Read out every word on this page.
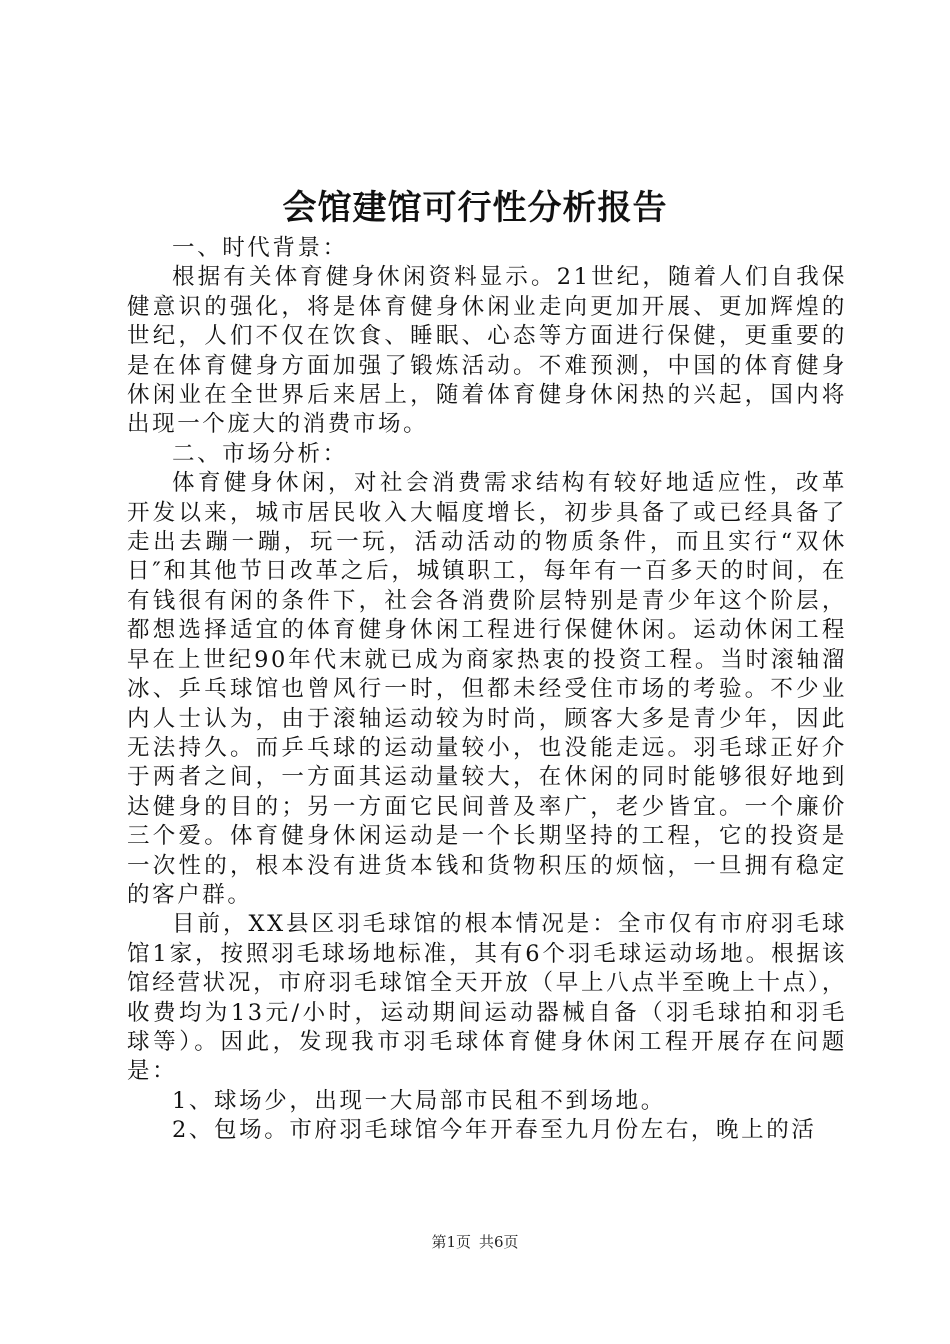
会馆建馆可行性分析报告

一、时代背景：

根据有关体育健身休闲资料显示。21世纪，随着人们自我保健意识的强化，将是体育健身休闲业走向更加开展、更加辉煌的世纪，人们不仅在饮食、睡眠、心态等方面进行保健，更重要的是在体育健身方面加强了锻炼活动。不难预测，中国的体育健身休闲业在全世界后来居上，随着体育健身休闲热的兴起，国内将出现一个庞大的消费市场。

二、市场分析：

体育健身休闲，对社会消费需求结构有较好地适应性，改革开发以来，城市居民收入大幅度增长，初步具备了或已经具备了走出去蹦一蹦，玩一玩，活动活动的物质条件，而且实行“双休日″和其他节日改革之后，城镇职工，每年有一百多天的时间，在有钱很有闲的条件下，社会各消费阶层特别是青少年这个阶层，都想选择适宜的体育健身休闲工程进行保健休闲。运动休闲工程早在上世纪90年代末就已成为商家热衷的投资工程。当时滚轴溜冰、乒乓球馆也曾风行一时，但都未经受住市场的考验。不少业内人士认为，由于滚轴运动较为时尚，顾客大多是青少年，因此无法持久。而乒乓球的运动量较小，也没能走远。羽毛球正好介于两者之间，一方面其运动量较大，在休闲的同时能够很好地到达健身的目的；另一方面它民间普及率广，老少皆宜。一个廉价三个爱。体育健身休闲运动是一个长期坚持的工程，它的投资是一次性的，根本没有进货本钱和货物积压的烦恼，一旦拥有稳定的客户群。

目前，XX县区羽毛球馆的根本情况是：全市仅有市府羽毛球馆1家，按照羽毛球场地标准，其有6个羽毛球运动场地。根据该馆经营状况，市府羽毛球馆全天开放（早上八点半至晚上十点），收费均为13元/小时，运动期间运动器械自备（羽毛球拍和羽毛球等）。因此，发现我市羽毛球体育健身休闲工程开展存在问题是：

1、球场少，出现一大局部市民租不到场地。

2、包场。市府羽毛球馆今年开春至九月份左右，晚上的活

第1页 共6页
